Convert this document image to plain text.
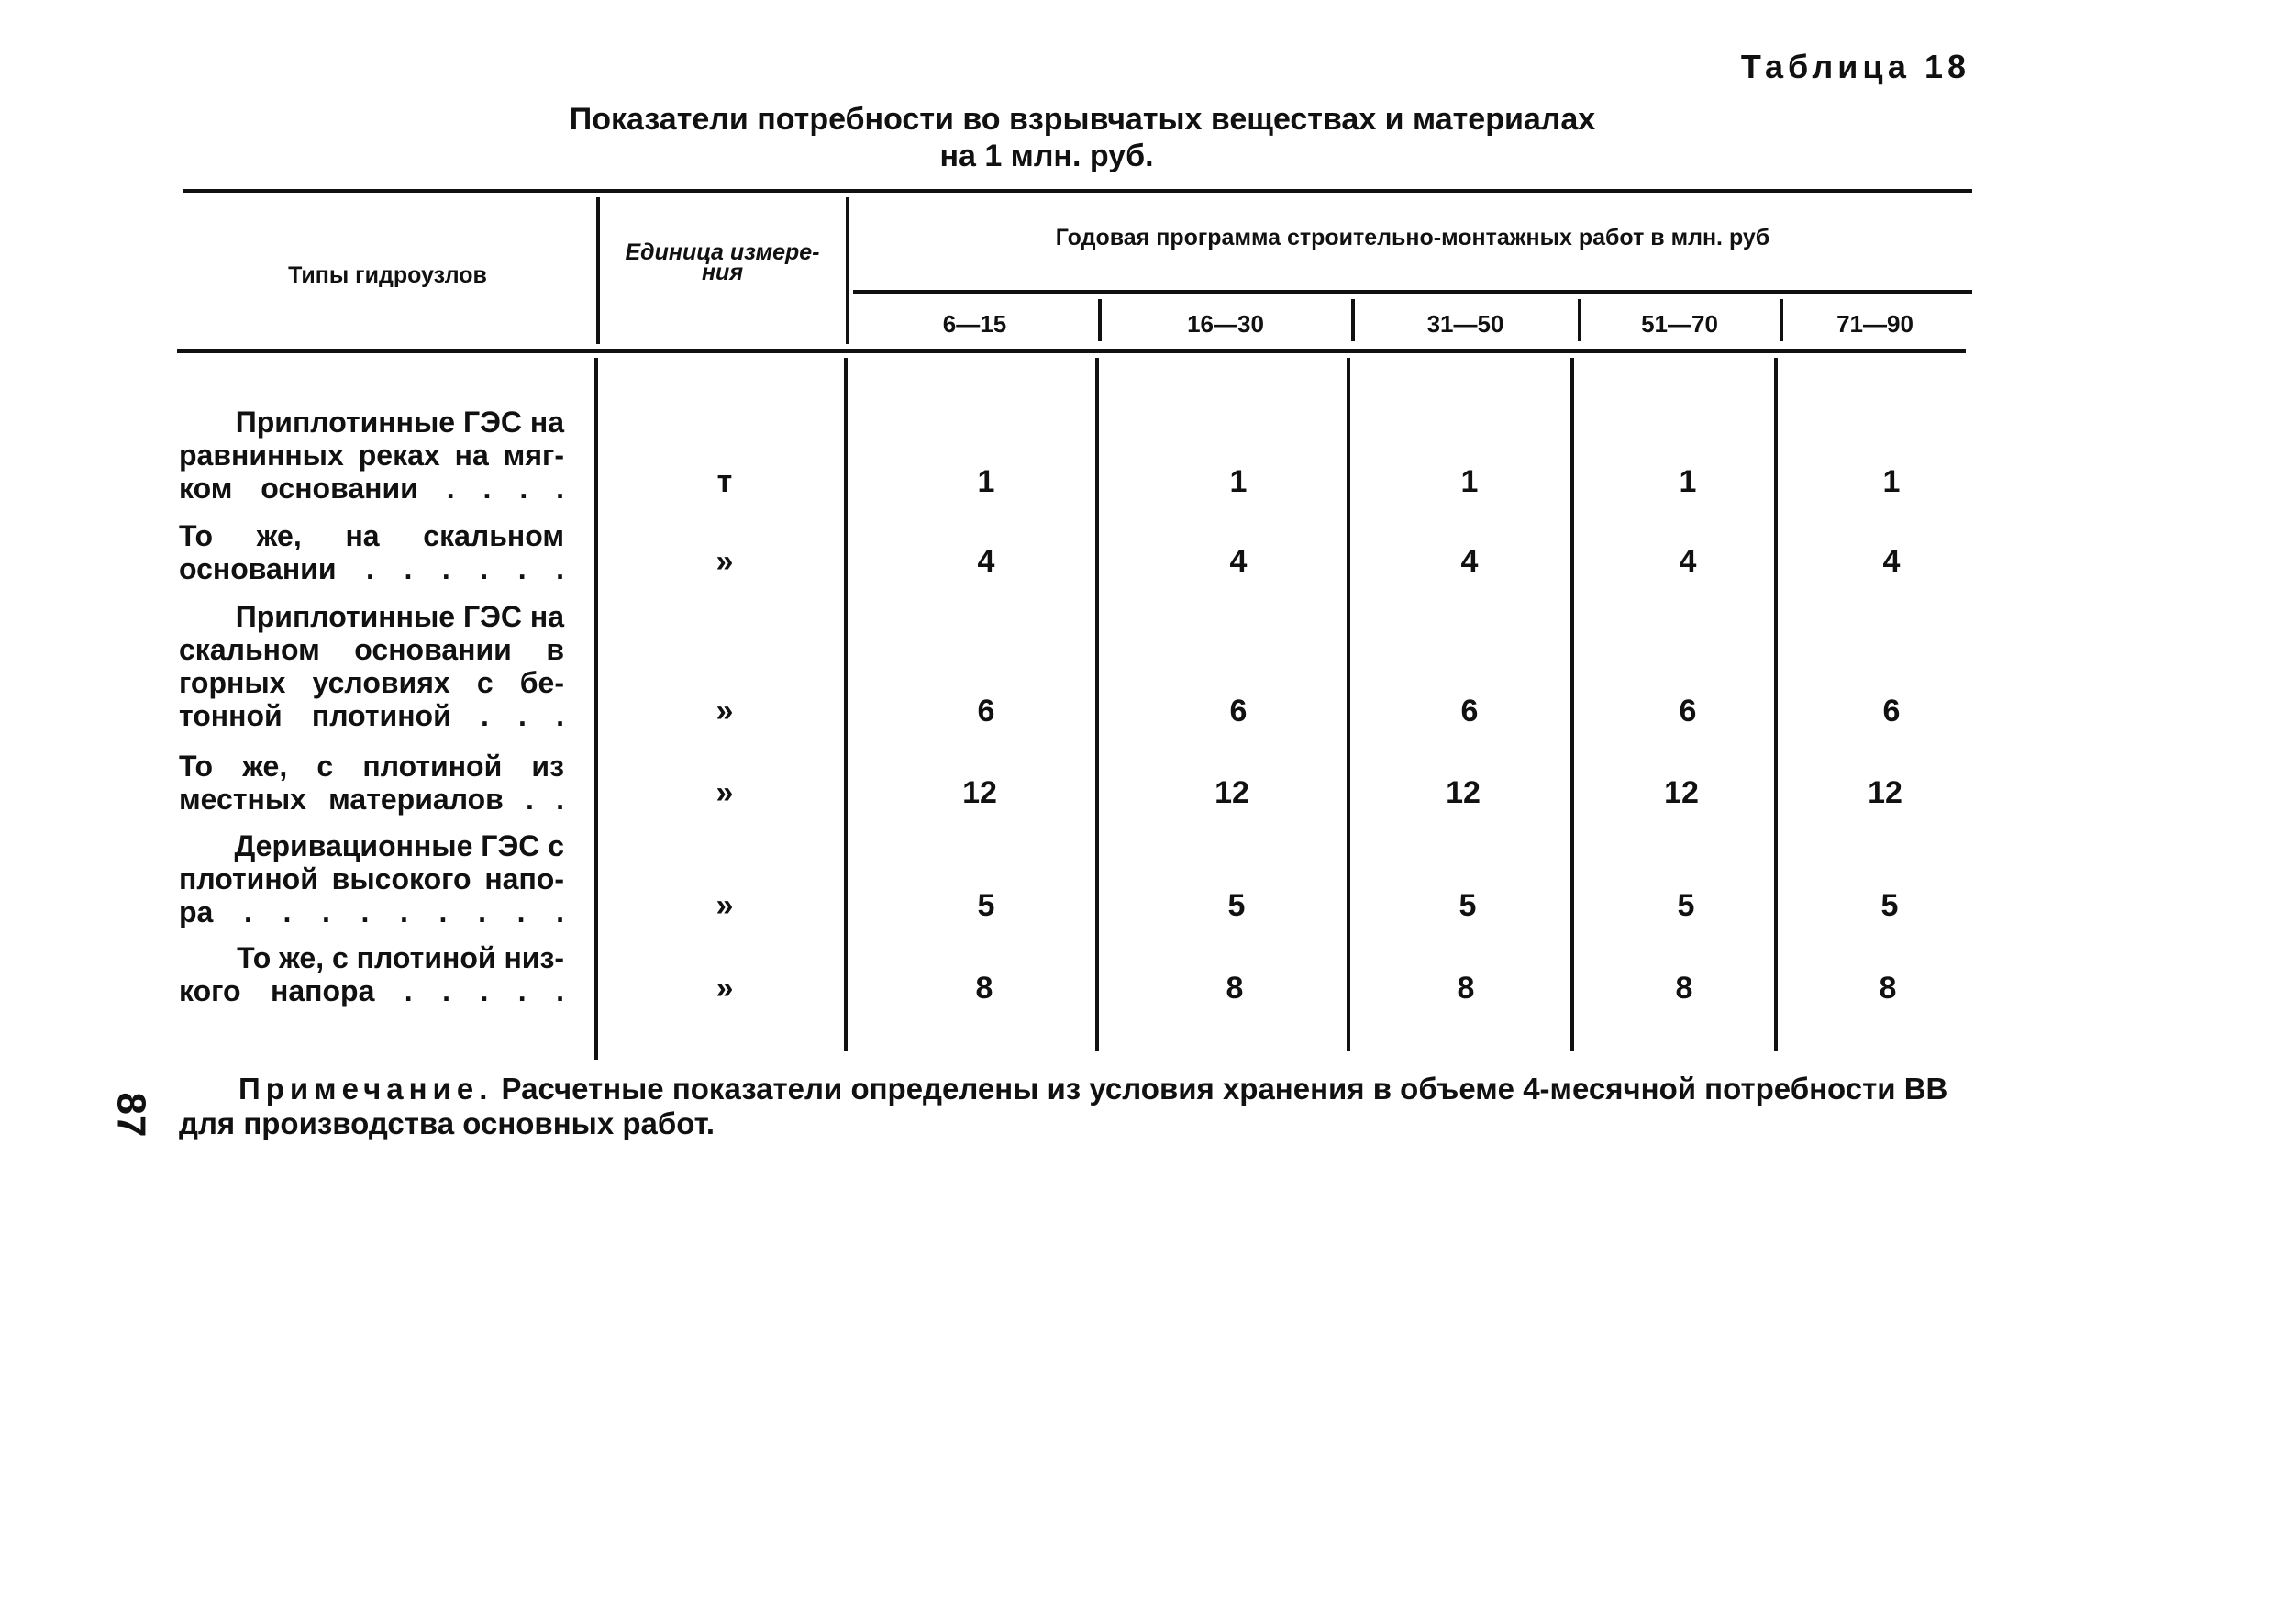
Таблица 18
Показатели потребности во взрывчатых веществах и материалах
на 1 млн. руб.
Типы гидроузлов
Единица измере- ния
Годовая программа строительно-монтажных работ в млн. руб
6—15	16—30	31—50	51—70	71—90
Приплотинные ГЭС на
равнинных реках на мяг-
ком основании . . . .	т	1	1	1	1	1
То же, на скальном
основании . . . . . .	»	4	4	4	4	4
Приплотинные ГЭС на
скальном основании в
горных условиях с бе-
тонной плотиной . . .	»	6	6	6	6	6
То же, с плотиной из
местных материалов . .	»	12	12	12	12	12
Деривационные ГЭС с
плотиной высокого напо-
ра . . . . . . . . .	»	5	5	5	5	5
То же, с плотиной низ-
кого напора . . . . .	»	8	8	8	8	8
Примечание. Расчетные показатели определены из условия хранения в объеме 4-месячной потребности ВВ для производства основных работ.
87
